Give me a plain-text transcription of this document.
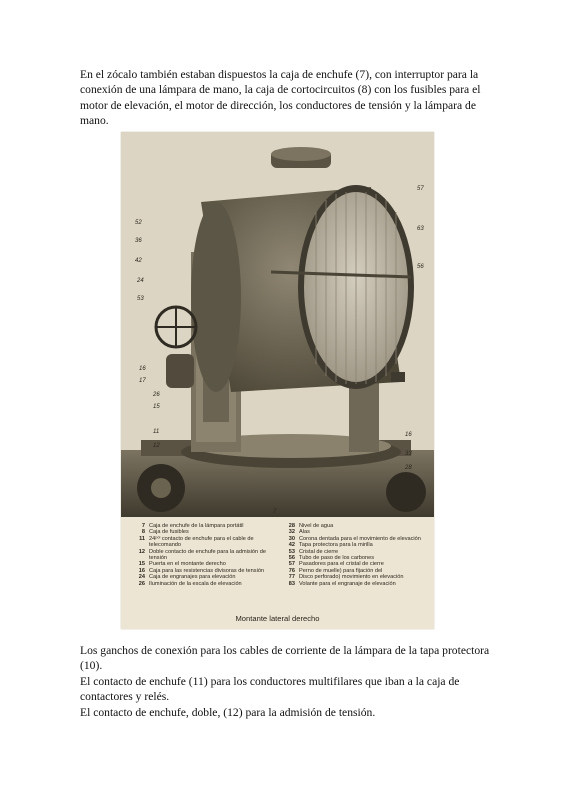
En el zócalo también estaban dispuestos la caja de enchufe (7), con interruptor para la conexión de una lámpara de mano, la caja de cortocircuitos (8) con los fusibles para el motor de elevación, el motor de dirección, los conductores de tensión y la lámpara de mano.

57
63
56
52
36
42
24
53
16
17
26
15
11
12
16
33
28
7
7 Caja de enchufe de la lámpara portátil
8 Caja de fusibles
11 24ᵖᵒˡ contacto de enchufe para el cable de telecomando
12 Doble contacto de enchufe para la admisión de tensión
15 Puerta en el montante derecho
16 Caja para las resistencias divisoras de tensión
24 Caja de engranajes para elevación
26 Iluminación de la escala de elevación
28 Nivel de agua
32 Alas
30 Corona dentada para el movimiento de elevación
42 Tapa protectora para la mirilla
53 Cristal de cierre
56 Tubo de paso de los carbones
57 Pasadores para el cristal de cierre
76 Perno de muelle) para fijación del
77 Disco perforado) movimiento en elevación
83 Volante para el engranaje de elevación
Montante lateral derecho

Los ganchos de conexión para los cables de corriente de la lámpara de la tapa protectora (10).
El contacto de enchufe (11) para los conductores multifilares que iban a la caja de contactores y relés.
El contacto de enchufe, doble, (12) para la admisión de tensión.
